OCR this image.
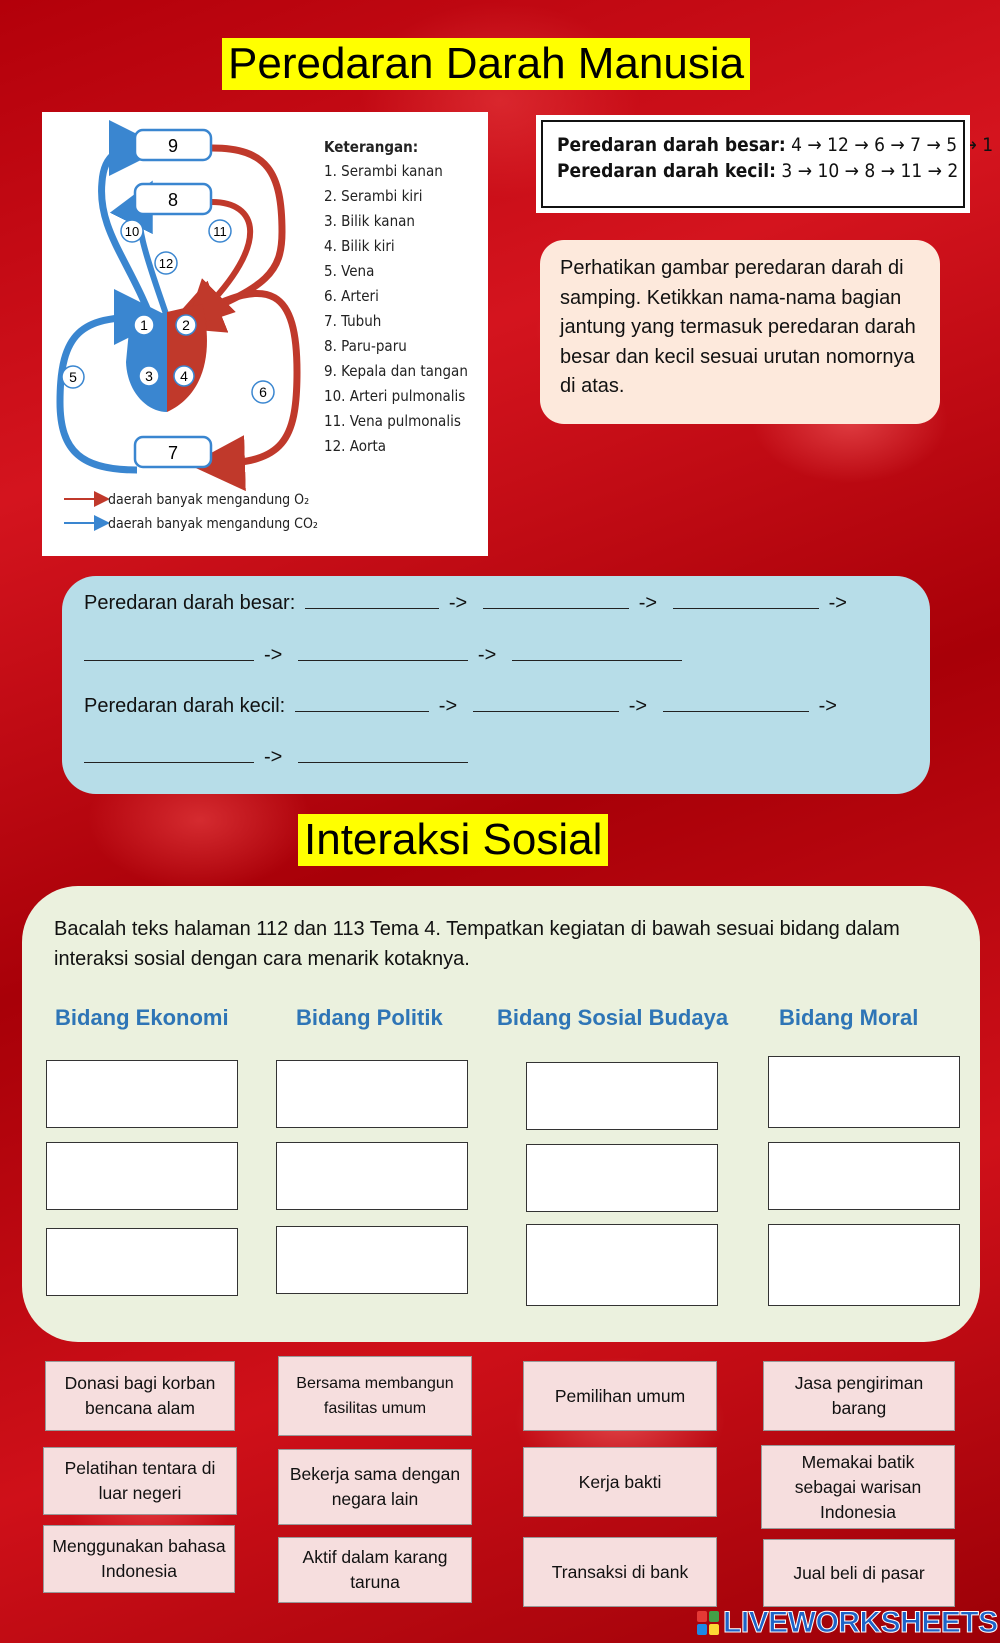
Peredaran Darah Manusia
9
8
7
10	11
12
1 2
3 4
5
6
Keterangan:
1. Serambi kanan
2. Serambi kiri
3. Bilik kanan
4. Bilik kiri
5. Vena
6. Arteri
7. Tubuh
8. Paru-paru
9. Kepala dan tangan
10. Arteri pulmonalis
11. Vena pulmonalis
12. Aorta
daerah banyak mengandung O₂
daerah banyak mengandung CO₂
Peredaran darah besar: 4 → 12 → 6 → 7 → 5 → 1
Peredaran darah kecil: 3 → 10 → 8 → 11 → 2
Perhatikan gambar peredaran darah di samping. Ketikkan nama-nama bagian jantung yang termasuk peredaran darah besar dan kecil sesuai urutan nomornya di atas.
Peredaran darah besar:	->	->	->
->	->
Peredaran darah kecil:	->	->	->
->
Interaksi Sosial
Bacalah teks halaman 112 dan 113 Tema 4. Tempatkan kegiatan di bawah sesuai bidang dalam interaksi sosial dengan cara menarik kotaknya.
Bidang Ekonomi	Bidang Politik Bidang Sosial Budaya Bidang Moral
Donasi bagi korban bencana alam
Bersama membangun fasilitas umum
Pemilihan umum
Jasa pengiriman barang
Pelatihan tentara di luar negeri
Bekerja sama dengan negara lain
Kerja bakti
Memakai batik sebagai warisan Indonesia
Menggunakan bahasa Indonesia
Aktif dalam karang taruna
Transaksi di bank	Jual beli di pasar
LIVEWORKSHEETS
